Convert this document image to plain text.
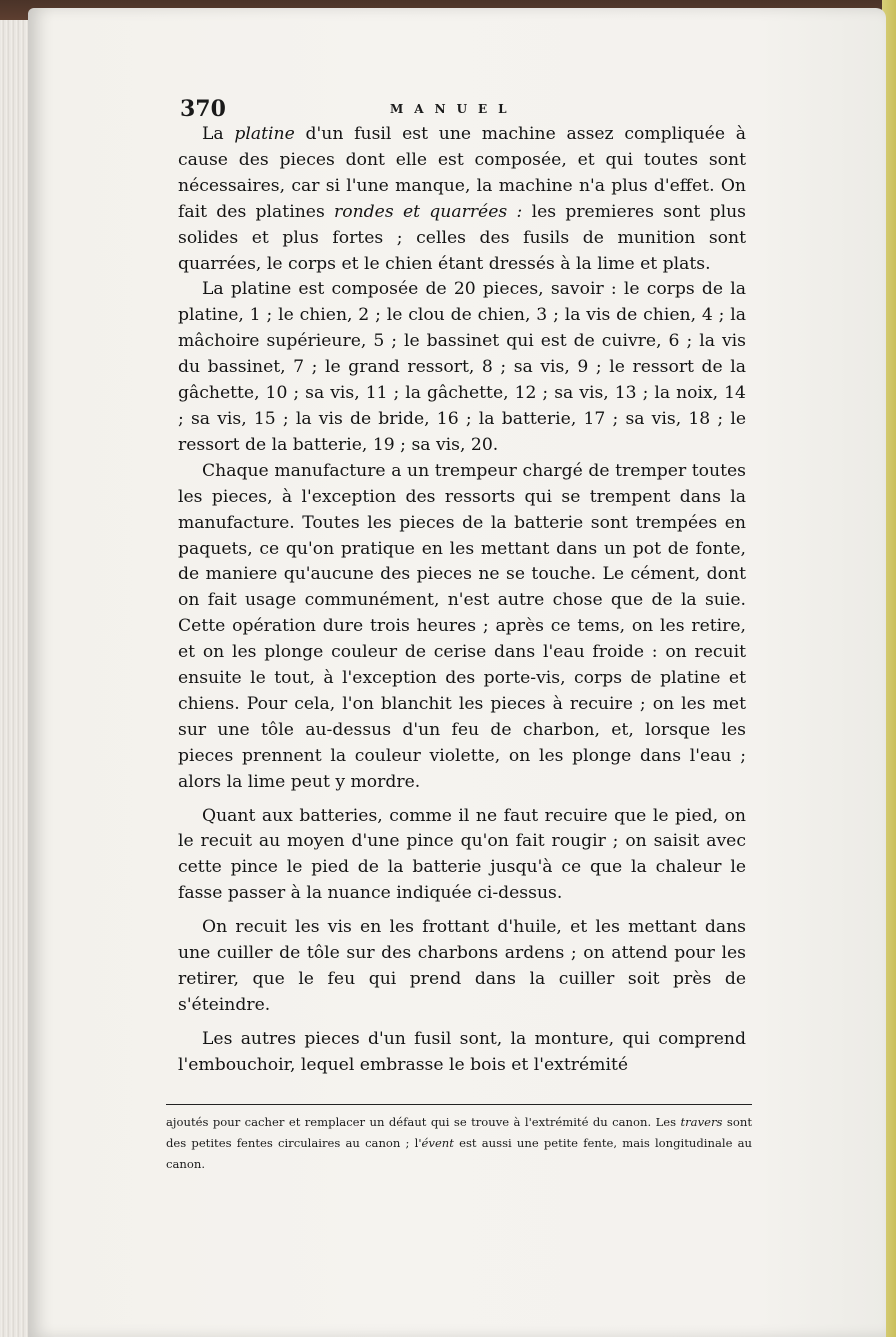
370	MANUEL

La platine d'un fusil est une machine assez compliquée à cause des pieces dont elle est composée, et qui toutes sont nécessaires, car si l'une manque, la machine n'a plus d'effet. On fait des platines rondes et quarrées : les premieres sont plus solides et plus fortes ; celles des fusils de munition sont quarrées, le corps et le chien étant dressés à la lime et plats.

La platine est composée de 20 pieces, savoir : le corps de la platine, 1 ; le chien, 2 ; le clou de chien, 3 ; la vis de chien, 4 ; la mâchoire supérieure, 5 ; le bassinet qui est de cuivre, 6 ; la vis du bassinet, 7 ; le grand ressort, 8 ; sa vis, 9 ; le ressort de la gâchette, 10 ; sa vis, 11 ; la gâchette, 12 ; sa vis, 13 ; la noix, 14 ; sa vis, 15 ; la vis de bride, 16 ; la batterie, 17 ; sa vis, 18 ; le ressort de la batterie, 19 ; sa vis, 20.

Chaque manufacture a un trempeur chargé de tremper toutes les pieces, à l'exception des ressorts qui se trempent dans la manufacture. Toutes les pieces de la batterie sont trempées en paquets, ce qu'on pratique en les mettant dans un pot de fonte, de maniere qu'aucune des pieces ne se touche. Le cément, dont on fait usage communément, n'est autre chose que de la suie. Cette opération dure trois heures ; après ce tems, on les retire, et on les plonge couleur de cerise dans l'eau froide : on recuit ensuite le tout, à l'exception des porte-vis, corps de platine et chiens. Pour cela, l'on blanchit les pieces à recuire ; on les met sur une tôle au-dessus d'un feu de charbon, et, lorsque les pieces prennent la couleur violette, on les plonge dans l'eau ; alors la lime peut y mordre.

Quant aux batteries, comme il ne faut recuire que le pied, on le recuit au moyen d'une pince qu'on fait rougir ; on saisit avec cette pince le pied de la batterie jusqu'à ce que la chaleur le fasse passer à la nuance indiquée ci-dessus.

On recuit les vis en les frottant d'huile, et les mettant dans une cuiller de tôle sur des charbons ardens ; on attend pour les retirer, que le feu qui prend dans la cuiller soit près de s'éteindre.

Les autres pieces d'un fusil sont, la monture, qui comprend l'embouchoir, lequel embrasse le bois et l'extrémité

ajoutés pour cacher et remplacer un défaut qui se trouve à l'extrémité du canon. Les travers sont des petites fentes circulaires au canon ; l'évent est aussi une petite fente, mais longitudinale au canon.
